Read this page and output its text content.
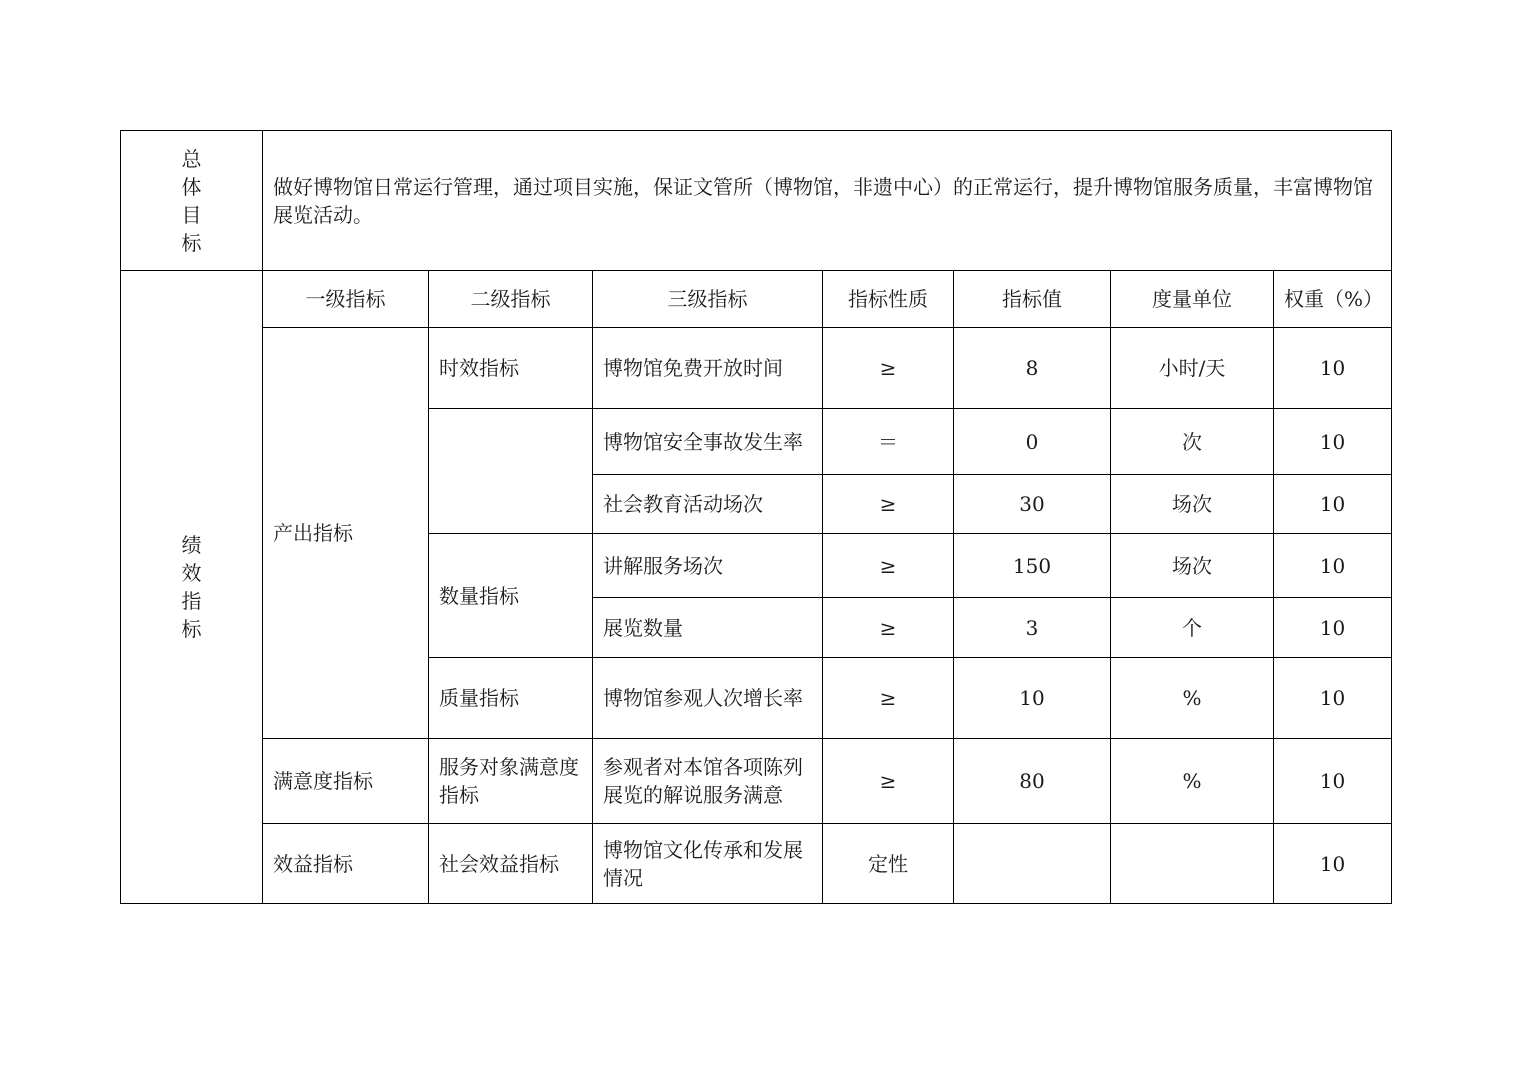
总体目标	做好博物馆日常运行管理，通过项目实施，保证文管所（博物馆，非遗中心）的正常运行，提升博物馆服务质量，丰富博物馆展览活动。						
绩效指标	一级指标	二级指标	三级指标	指标性质	指标值	度量单位	权重（%）
	产出指标	时效指标	博物馆免费开放时间	≥	8	小时/天	10
			博物馆安全事故发生率	＝	0	次	10
			社会教育活动场次	≥	30	场次	10
		数量指标	讲解服务场次	≥	150	场次	10
			展览数量	≥	3	个	10
		质量指标	博物馆参观人次增长率	≥	10	%	10
	满意度指标	服务对象满意度指标	参观者对本馆各项陈列展览的解说服务满意	≥	80	%	10
	效益指标	社会效益指标	博物馆文化传承和发展情况	定性			10
